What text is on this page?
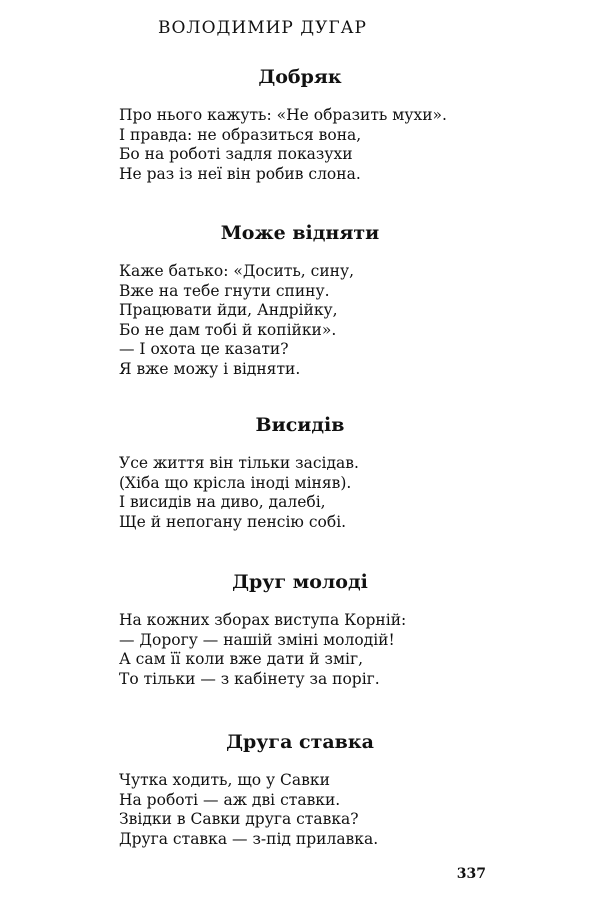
ВОЛОДИМИР ДУГАР
Добряк
Про нього кажуть: «Не образить мухи».
І правда: не образиться вона,
Бо на роботі задля показухи
Не раз із неї він робив слона.
Може відняти
Каже батько: «Досить, сину,
Вже на тебе гнути спину.
Працювати йди, Андрійку,
Бо не дам тобі й копійки».
— І охота це казати?
Я вже можу і відняти.
Висидів
Усе життя він тільки засідав.
(Хіба що крісла іноді міняв).
І висидів на диво, далебі,
Ще й непогану пенсію собі.
Друг молоді
На кожних зборах виступа Корній:
— Дорогу — нашій зміні молодій!
А сам її коли вже дати й зміг,
То тільки — з кабінету за поріг.
Друга ставка
Чутка ходить, що у Савки
На роботі — аж дві ставки.
Звідки в Савки друга ставка?
Друга ставка — з-під прилавка.
337
